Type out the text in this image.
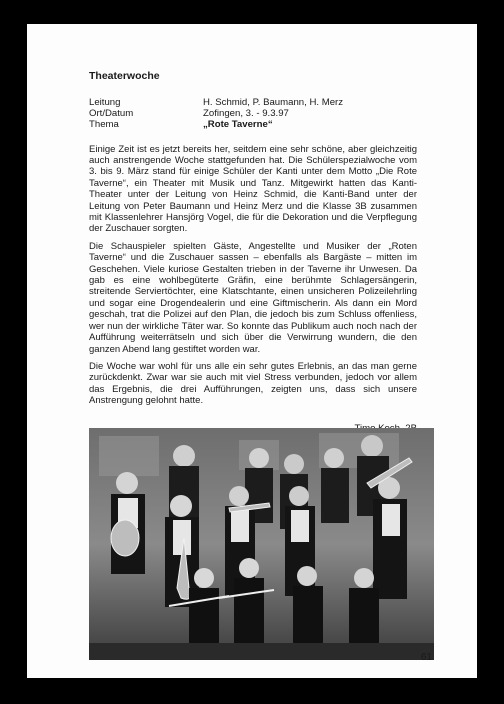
Theaterwoche
Leitung	H. Schmid, P. Baumann, H. Merz
Ort/Datum	Zofingen, 3. - 9.3.97
Thema	„Rote Taverne“

Einige Zeit ist es jetzt bereits her, seitdem eine sehr schöne, aber gleichzeitig auch anstrengende Woche stattgefunden hat. Die Schülerspezialwoche vom 3. bis 9. März stand für einige Schüler der Kanti unter dem Motto „Die Rote Taverne“, ein Theater mit Musik und Tanz. Mitgewirkt hatten das Kanti-Theater unter der Leitung von Heinz Schmid, die Kanti-Band unter der Leitung von Peter Baumann und Heinz Merz und die Klasse 3B zusammen mit Klassenlehrer Hansjörg Vogel, die für die Dekoration und die Verpflegung der Zuschauer sorgten.

Die Schauspieler spielten Gäste, Angestellte und Musiker der „Roten Taverne“ und die Zuschauer sassen – ebenfalls als Bargäste – mitten im Geschehen. Viele kuriose Gestalten trieben in der Taverne ihr Unwesen. Da gab es eine wohlbegüterte Gräfin, eine berühmte Schlagersängerin, streitende Serviertöchter, eine Klatschtante, einen unsicheren Polizeilehrling und sogar eine Drogendealerin und eine Giftmischerin. Als dann ein Mord geschah, trat die Polizei auf den Plan, die jedoch bis zum Schluss offenliess, wer nun der wirkliche Täter war. So konnte das Publikum auch noch nach der Aufführung weiterrätseln und sich über die Verwirrung wundern, die den ganzen Abend lang gestiftet worden war.

Die Woche war wohl für uns alle ein sehr gutes Erlebnis, an das man gerne zurückdenkt. Zwar war sie auch mit viel Stress verbunden, jedoch vor allem das Ergebnis, die drei Aufführungen, zeigten uns, dass sich unsere Anstrengung gelohnt hatte.

61
